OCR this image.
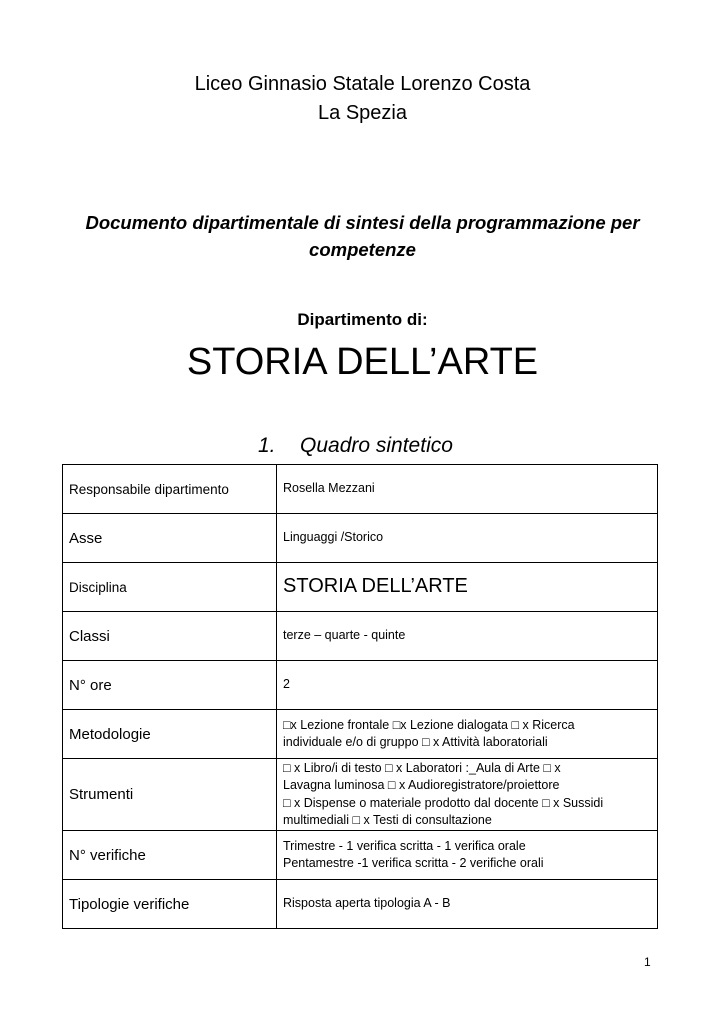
Liceo Ginnasio Statale Lorenzo Costa
La Spezia
Documento dipartimentale di sintesi della programmazione per
competenze
Dipartimento di:
STORIA DELL’ARTE
1. Quadro sintetico
Responsabile dipartimento	Rosella Mezzani
Asse	Linguaggi /Storico
Disciplina	STORIA DELL’ARTE
Classi	terze – quarte - quinte
N° ore	2
Metodologie	□x Lezione frontale □x Lezione dialogata □ x Ricerca
individuale e/o di gruppo □ x Attività laboratoriali

Strumenti	□ x Libro/i di testo □ x Laboratori :_Aula di Arte □ x
Lavagna luminosa □ x Audioregistratore/proiettore
□ x Dispense o materiale prodotto dal docente □ x Sussidi
multimediali □ x Testi di consultazione

N° verifiche	Trimestre - 1 verifica scritta - 1 verifica orale
Pentamestre -1 verifica scritta - 2 verifiche orali

Tipologie verifiche	Risposta aperta tipologia A - B
1
